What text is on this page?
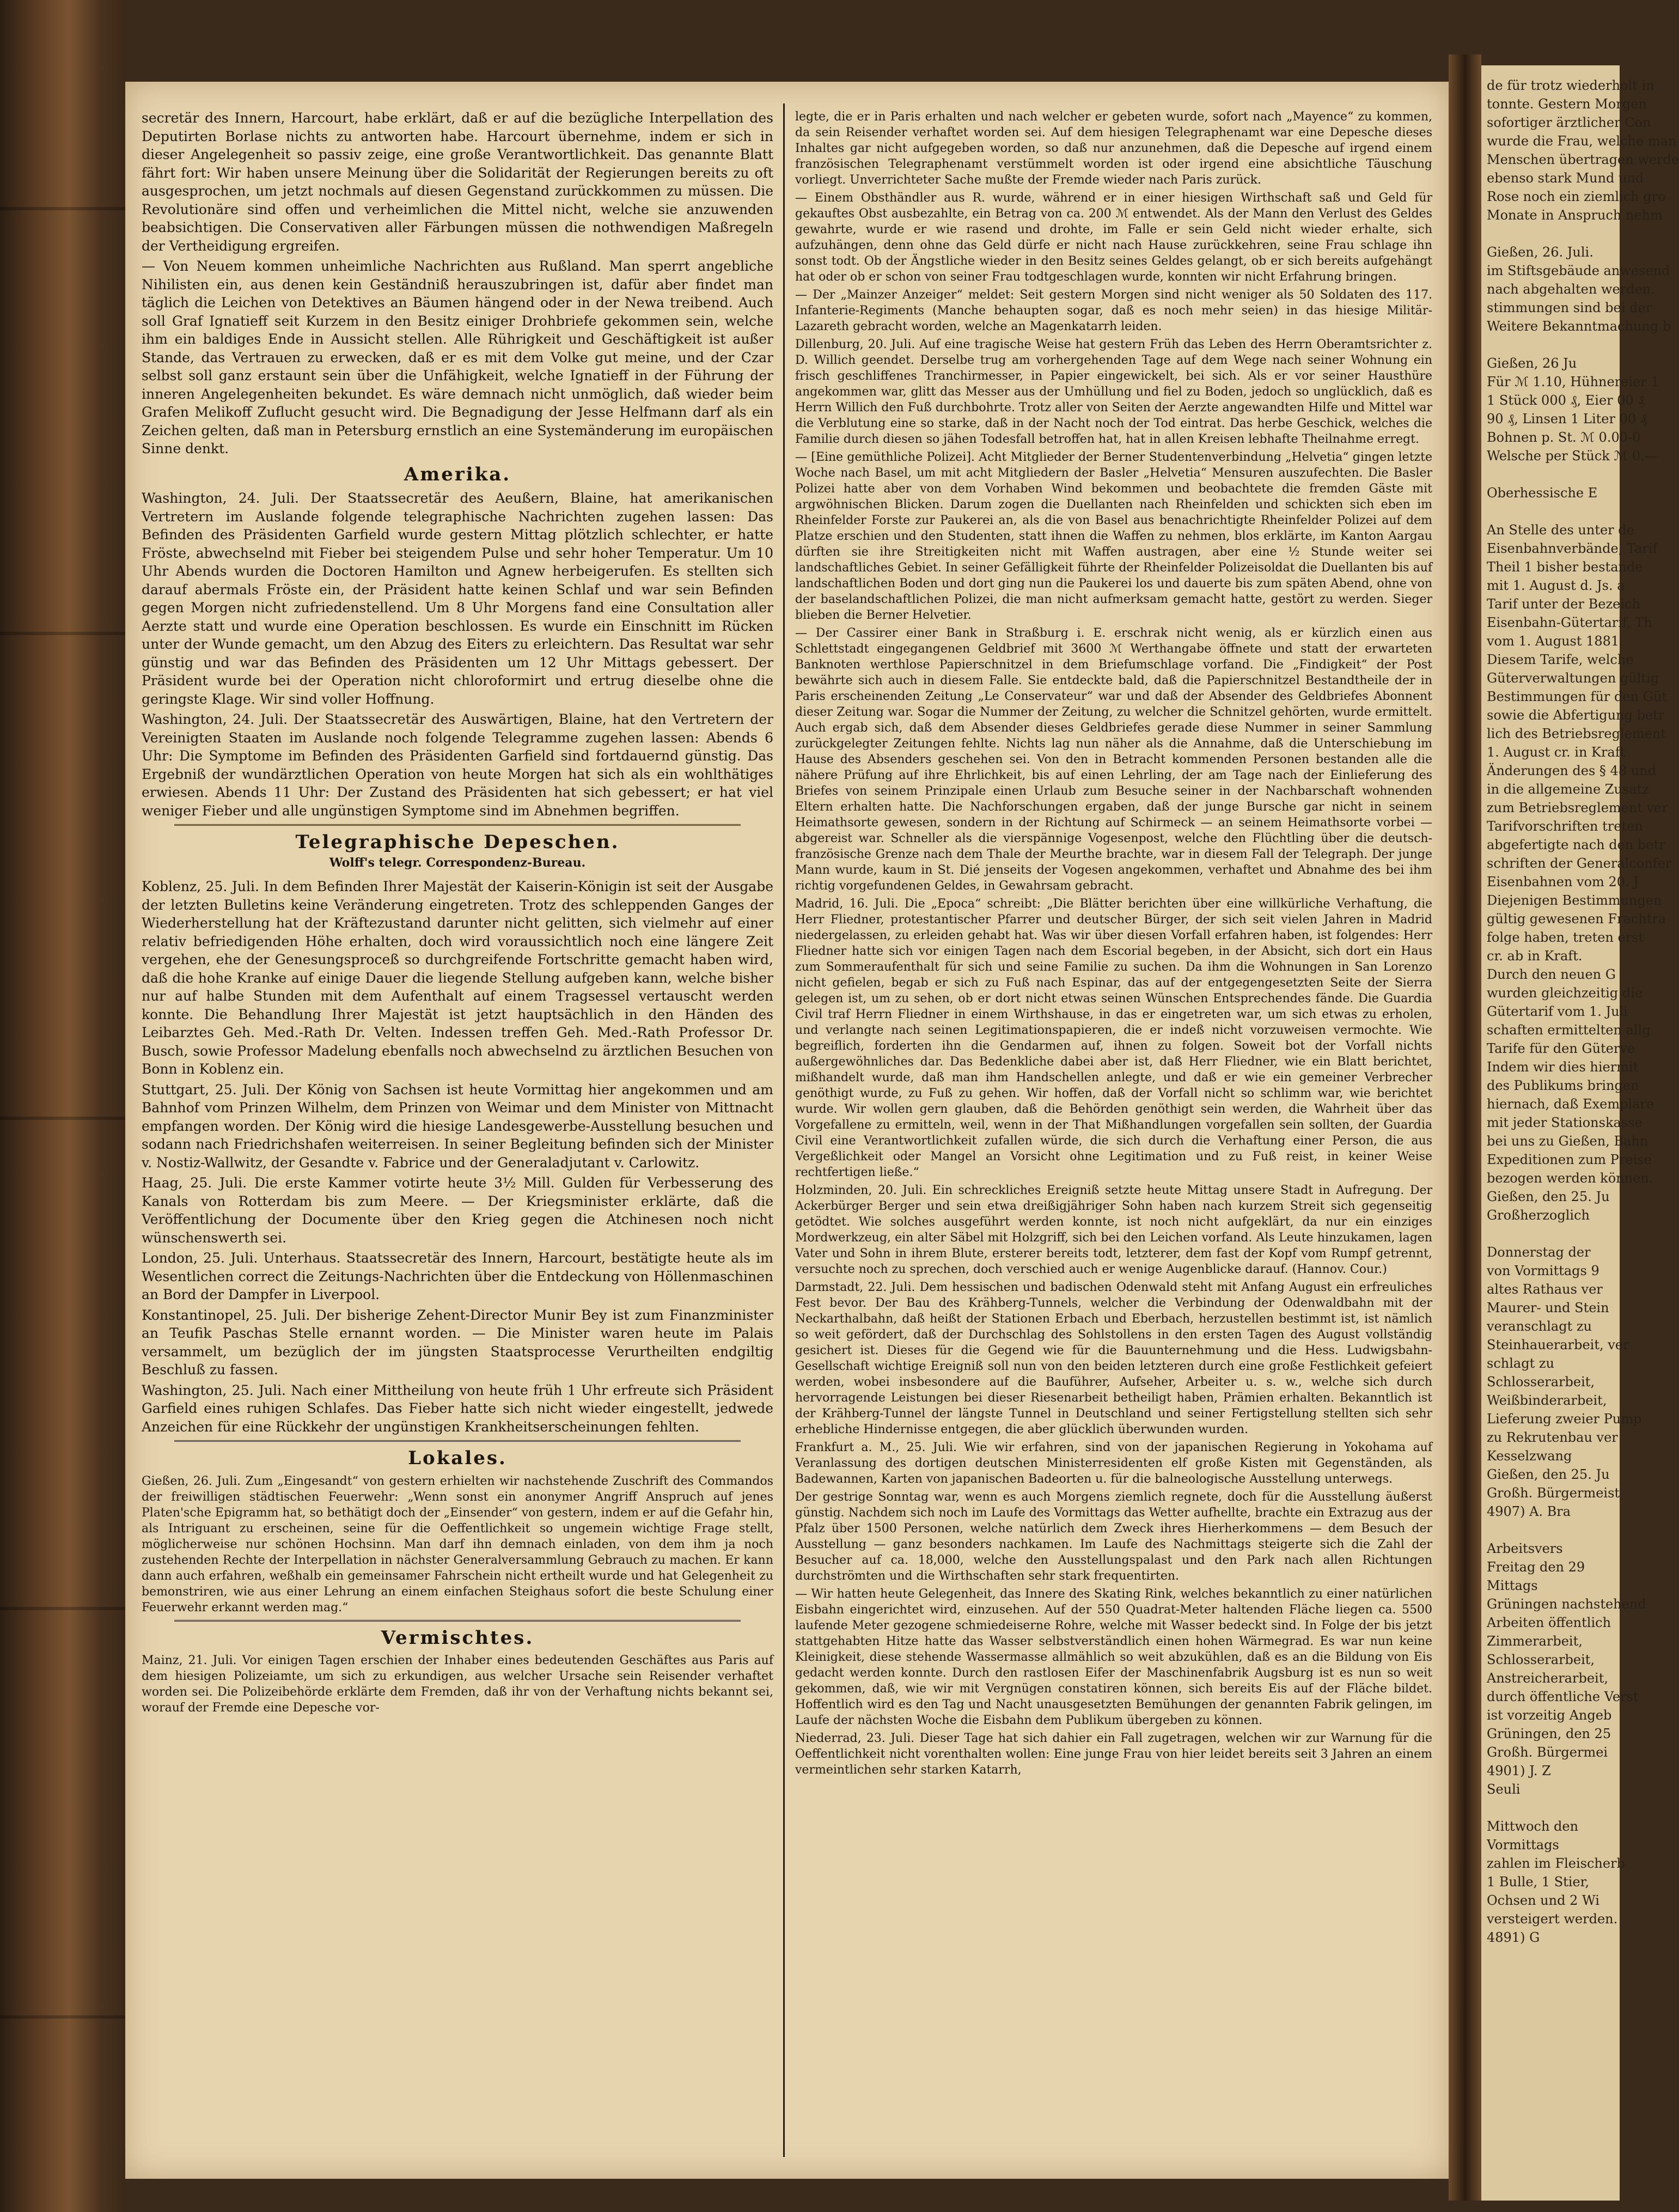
secretär des Innern, Harcourt, habe erklärt, daß er auf die bezügliche Interpellation des Deputirten Borlase nichts zu antworten habe. Harcourt übernehme, indem er sich in dieser Angelegenheit so passiv zeige, eine große Verantwortlichkeit. Das genannte Blatt fährt fort: Wir haben unsere Meinung über die Solidarität der Regierungen bereits zu oft ausgesprochen, um jetzt nochmals auf diesen Gegenstand zurückkommen zu müssen. Die Revolutionäre sind offen und verheimlichen die Mittel nicht, welche sie anzuwenden beabsichtigen. Die Conservativen aller Färbungen müssen die nothwendigen Maßregeln der Vertheidigung ergreifen.

— Von Neuem kommen unheimliche Nachrichten aus Rußland. Man sperrt angebliche Nihilisten ein, aus denen kein Geständniß herauszubringen ist, dafür aber findet man täglich die Leichen von Detektives an Bäumen hängend oder in der Newa treibend. Auch soll Graf Ignatieff seit Kurzem in den Besitz einiger Drohbriefe gekommen sein, welche ihm ein baldiges Ende in Aussicht stellen. Alle Rührigkeit und Geschäftigkeit ist außer Stande, das Vertrauen zu erwecken, daß er es mit dem Volke gut meine, und der Czar selbst soll ganz erstaunt sein über die Unfähigkeit, welche Ignatieff in der Führung der inneren Angelegenheiten bekundet. Es wäre demnach nicht unmöglich, daß wieder beim Grafen Melikoff Zuflucht gesucht wird. Die Begnadigung der Jesse Helfmann darf als ein Zeichen gelten, daß man in Petersburg ernstlich an eine Systemänderung im europäischen Sinne denkt.

Amerika.

Washington, 24. Juli. Der Staatssecretär des Aeußern, Blaine, hat amerikanischen Vertretern im Auslande folgende telegraphische Nachrichten zugehen lassen: Das Befinden des Präsidenten Garfield wurde gestern Mittag plötzlich schlechter, er hatte Fröste, abwechselnd mit Fieber bei steigendem Pulse und sehr hoher Temperatur. Um 10 Uhr Abends wurden die Doctoren Hamilton und Agnew herbeigerufen. Es stellten sich darauf abermals Fröste ein, der Präsident hatte keinen Schlaf und war sein Befinden gegen Morgen nicht zufriedenstellend. Um 8 Uhr Morgens fand eine Consultation aller Aerzte statt und wurde eine Operation beschlossen. Es wurde ein Einschnitt im Rücken unter der Wunde gemacht, um den Abzug des Eiters zu erleichtern. Das Resultat war sehr günstig und war das Befinden des Präsidenten um 12 Uhr Mittags gebessert. Der Präsident wurde bei der Operation nicht chloroformirt und ertrug dieselbe ohne die geringste Klage. Wir sind voller Hoffnung.

Washington, 24. Juli. Der Staatssecretär des Auswärtigen, Blaine, hat den Vertretern der Vereinigten Staaten im Auslande noch folgende Telegramme zugehen lassen: Abends 6 Uhr: Die Symptome im Befinden des Präsidenten Garfield sind fortdauernd günstig. Das Ergebniß der wundärztlichen Operation von heute Morgen hat sich als ein wohlthätiges erwiesen. Abends 11 Uhr: Der Zustand des Präsidenten hat sich gebessert; er hat viel weniger Fieber und alle ungünstigen Symptome sind im Abnehmen begriffen.

Telegraphische Depeschen.
Wolff's telegr. Correspondenz-Bureau.

Koblenz, 25. Juli. In dem Befinden Ihrer Majestät der Kaiserin-Königin ist seit der Ausgabe der letzten Bulletins keine Veränderung eingetreten. Trotz des schleppenden Ganges der Wiederherstellung hat der Kräftezustand darunter nicht gelitten, sich vielmehr auf einer relativ befriedigenden Höhe erhalten, doch wird voraussichtlich noch eine längere Zeit vergehen, ehe der Genesungsproceß so durchgreifende Fortschritte gemacht haben wird, daß die hohe Kranke auf einige Dauer die liegende Stellung aufgeben kann, welche bisher nur auf halbe Stunden mit dem Aufenthalt auf einem Tragsessel vertauscht werden konnte. Die Behandlung Ihrer Majestät ist jetzt hauptsächlich in den Händen des Leibarztes Geh. Med.-Rath Dr. Velten. Indessen treffen Geh. Med.-Rath Professor Dr. Busch, sowie Professor Madelung ebenfalls noch abwechselnd zu ärztlichen Besuchen von Bonn in Koblenz ein.

Stuttgart, 25. Juli. Der König von Sachsen ist heute Vormittag hier angekommen und am Bahnhof vom Prinzen Wilhelm, dem Prinzen von Weimar und dem Minister von Mittnacht empfangen worden. Der König wird die hiesige Landesgewerbe-Ausstellung besuchen und sodann nach Friedrichshafen weiterreisen. In seiner Begleitung befinden sich der Minister v. Nostiz-Wallwitz, der Gesandte v. Fabrice und der Generaladjutant v. Carlowitz.

Haag, 25. Juli. Die erste Kammer votirte heute 3½ Mill. Gulden für Verbesserung des Kanals von Rotterdam bis zum Meere. — Der Kriegsminister erklärte, daß die Veröffentlichung der Documente über den Krieg gegen die Atchinesen noch nicht wünschenswerth sei.

London, 25. Juli. Unterhaus. Staatssecretär des Innern, Harcourt, bestätigte heute als im Wesentlichen correct die Zeitungs-Nachrichten über die Entdeckung von Höllenmaschinen an Bord der Dampfer in Liverpool.

Konstantinopel, 25. Juli. Der bisherige Zehent-Director Munir Bey ist zum Finanzminister an Teufik Paschas Stelle ernannt worden. — Die Minister waren heute im Palais versammelt, um bezüglich der im jüngsten Staatsprocesse Verurtheilten endgiltig Beschluß zu fassen.

Washington, 25. Juli. Nach einer Mittheilung von heute früh 1 Uhr erfreute sich Präsident Garfield eines ruhigen Schlafes. Das Fieber hatte sich nicht wieder eingestellt, jedwede Anzeichen für eine Rückkehr der ungünstigen Krankheitserscheinungen fehlten.

Lokales.

Gießen, 26. Juli. Zum „Eingesandt“ von gestern erhielten wir nachstehende Zuschrift des Commandos der freiwilligen städtischen Feuerwehr: „Wenn sonst ein anonymer Angriff Anspruch auf jenes Platen'sche Epigramm hat, so bethätigt doch der „Einsender“ von gestern, indem er auf die Gefahr hin, als Intriguant zu erscheinen, seine für die Oeffentlichkeit so ungemein wichtige Frage stellt, möglicherweise nur schönen Hochsinn. Man darf ihn demnach einladen, von dem ihm ja noch zustehenden Rechte der Interpellation in nächster Generalversammlung Gebrauch zu machen. Er kann dann auch erfahren, weßhalb ein gemeinsamer Fahrschein nicht ertheilt wurde und hat Gelegenheit zu bemonstriren, wie aus einer Lehrung an einem einfachen Steighaus sofort die beste Schulung einer Feuerwehr erkannt werden mag.“

Vermischtes.

Mainz, 21. Juli. Vor einigen Tagen erschien der Inhaber eines bedeutenden Geschäftes aus Paris auf dem hiesigen Polizeiamte, um sich zu erkundigen, aus welcher Ursache sein Reisender verhaftet worden sei. Die Polizeibehörde erklärte dem Fremden, daß ihr von der Verhaftung nichts bekannt sei, worauf der Fremde eine Depesche vor-

legte, die er in Paris erhalten und nach welcher er gebeten wurde, sofort nach „Mayence“ zu kommen, da sein Reisender verhaftet worden sei. Auf dem hiesigen Telegraphenamt war eine Depesche dieses Inhaltes gar nicht aufgegeben worden, so daß nur anzunehmen, daß die Depesche auf irgend einem französischen Telegraphenamt verstümmelt worden ist oder irgend eine absichtliche Täuschung vorliegt. Unverrichteter Sache mußte der Fremde wieder nach Paris zurück.

— Einem Obsthändler aus R. wurde, während er in einer hiesigen Wirthschaft saß und Geld für gekauftes Obst ausbezahlte, ein Betrag von ca. 200 ℳ entwendet. Als der Mann den Verlust des Geldes gewahrte, wurde er wie rasend und drohte, im Falle er sein Geld nicht wieder erhalte, sich aufzuhängen, denn ohne das Geld dürfe er nicht nach Hause zurückkehren, seine Frau schlage ihn sonst todt. Ob der Ängstliche wieder in den Besitz seines Geldes gelangt, ob er sich bereits aufgehängt hat oder ob er schon von seiner Frau todtgeschlagen wurde, konnten wir nicht Erfahrung bringen.

— Der „Mainzer Anzeiger“ meldet: Seit gestern Morgen sind nicht weniger als 50 Soldaten des 117. Infanterie-Regiments (Manche behaupten sogar, daß es noch mehr seien) in das hiesige Militär-Lazareth gebracht worden, welche an Magenkatarrh leiden.

Dillenburg, 20. Juli. Auf eine tragische Weise hat gestern Früh das Leben des Herrn Oberamtsrichter z. D. Willich geendet. Derselbe trug am vorhergehenden Tage auf dem Wege nach seiner Wohnung ein frisch geschliffenes Tranchirmesser, in Papier eingewickelt, bei sich. Als er vor seiner Hausthüre angekommen war, glitt das Messer aus der Umhüllung und fiel zu Boden, jedoch so unglücklich, daß es Herrn Willich den Fuß durchbohrte. Trotz aller von Seiten der Aerzte angewandten Hilfe und Mittel war die Verblutung eine so starke, daß in der Nacht noch der Tod eintrat. Das herbe Geschick, welches die Familie durch diesen so jähen Todesfall betroffen hat, hat in allen Kreisen lebhafte Theilnahme erregt.

— [Eine gemüthliche Polizei]. Acht Mitglieder der Berner Studentenverbindung „Helvetia“ gingen letzte Woche nach Basel, um mit acht Mitgliedern der Basler „Helvetia“ Mensuren auszufechten. Die Basler Polizei hatte aber von dem Vorhaben Wind bekommen und beobachtete die fremden Gäste mit argwöhnischen Blicken. Darum zogen die Duellanten nach Rheinfelden und schickten sich eben im Rheinfelder Forste zur Paukerei an, als die von Basel aus benachrichtigte Rheinfelder Polizei auf dem Platze erschien und den Studenten, statt ihnen die Waffen zu nehmen, blos erklärte, im Kanton Aargau dürften sie ihre Streitigkeiten nicht mit Waffen austragen, aber eine ½ Stunde weiter sei landschaftliches Gebiet. In seiner Gefälligkeit führte der Rheinfelder Polizeisoldat die Duellanten bis auf landschaftlichen Boden und dort ging nun die Paukerei los und dauerte bis zum späten Abend, ohne von der baselandschaftlichen Polizei, die man nicht aufmerksam gemacht hatte, gestört zu werden. Sieger blieben die Berner Helvetier.

— Der Cassirer einer Bank in Straßburg i. E. erschrak nicht wenig, als er kürzlich einen aus Schlettstadt eingegangenen Geldbrief mit 3600 ℳ Werthangabe öffnete und statt der erwarteten Banknoten werthlose Papierschnitzel in dem Briefumschlage vorfand. Die „Findigkeit“ der Post bewährte sich auch in diesem Falle. Sie entdeckte bald, daß die Papierschnitzel Bestandtheile der in Paris erscheinenden Zeitung „Le Conservateur“ war und daß der Absender des Geldbriefes Abonnent dieser Zeitung war. Sogar die Nummer der Zeitung, zu welcher die Schnitzel gehörten, wurde ermittelt. Auch ergab sich, daß dem Absender dieses Geldbriefes gerade diese Nummer in seiner Sammlung zurückgelegter Zeitungen fehlte. Nichts lag nun näher als die Annahme, daß die Unterschiebung im Hause des Absenders geschehen sei. Von den in Betracht kommenden Personen bestanden alle die nähere Prüfung auf ihre Ehrlichkeit, bis auf einen Lehrling, der am Tage nach der Einlieferung des Briefes von seinem Prinzipale einen Urlaub zum Besuche seiner in der Nachbarschaft wohnenden Eltern erhalten hatte. Die Nachforschungen ergaben, daß der junge Bursche gar nicht in seinem Heimathsorte gewesen, sondern in der Richtung auf Schirmeck — an seinem Heimathsorte vorbei — abgereist war. Schneller als die vierspännige Vogesenpost, welche den Flüchtling über die deutsch-französische Grenze nach dem Thale der Meurthe brachte, war in diesem Fall der Telegraph. Der junge Mann wurde, kaum in St. Dié jenseits der Vogesen angekommen, verhaftet und Abnahme des bei ihm richtig vorgefundenen Geldes, in Gewahrsam gebracht.

Madrid, 16. Juli. Die „Epoca“ schreibt: „Die Blätter berichten über eine willkürliche Verhaftung, die Herr Fliedner, protestantischer Pfarrer und deutscher Bürger, der sich seit vielen Jahren in Madrid niedergelassen, zu erleiden gehabt hat. Was wir über diesen Vorfall erfahren haben, ist folgendes: Herr Fliedner hatte sich vor einigen Tagen nach dem Escorial begeben, in der Absicht, sich dort ein Haus zum Sommeraufenthalt für sich und seine Familie zu suchen. Da ihm die Wohnungen in San Lorenzo nicht gefielen, begab er sich zu Fuß nach Espinar, das auf der entgegengesetzten Seite der Sierra gelegen ist, um zu sehen, ob er dort nicht etwas seinen Wünschen Entsprechendes fände. Die Guardia Civil traf Herrn Fliedner in einem Wirthshause, in das er eingetreten war, um sich etwas zu erholen, und verlangte nach seinen Legitimationspapieren, die er indeß nicht vorzuweisen vermochte. Wie begreiflich, forderten ihn die Gendarmen auf, ihnen zu folgen. Soweit bot der Vorfall nichts außergewöhnliches dar. Das Bedenkliche dabei aber ist, daß Herr Fliedner, wie ein Blatt berichtet, mißhandelt wurde, daß man ihm Handschellen anlegte, und daß er wie ein gemeiner Verbrecher genöthigt wurde, zu Fuß zu gehen. Wir hoffen, daß der Vorfall nicht so schlimm war, wie berichtet wurde. Wir wollen gern glauben, daß die Behörden genöthigt sein werden, die Wahrheit über das Vorgefallene zu ermitteln, weil, wenn in der That Mißhandlungen vorgefallen sein sollten, der Guardia Civil eine Verantwortlichkeit zufallen würde, die sich durch die Verhaftung einer Person, die aus Vergeßlichkeit oder Mangel an Vorsicht ohne Legitimation und zu Fuß reist, in keiner Weise rechtfertigen ließe.“

Holzminden, 20. Juli. Ein schreckliches Ereigniß setzte heute Mittag unsere Stadt in Aufregung. Der Ackerbürger Berger und sein etwa dreißigjähriger Sohn haben nach kurzem Streit sich gegenseitig getödtet. Wie solches ausgeführt werden konnte, ist noch nicht aufgeklärt, da nur ein einziges Mordwerkzeug, ein alter Säbel mit Holzgriff, sich bei den Leichen vorfand. Als Leute hinzukamen, lagen Vater und Sohn in ihrem Blute, ersterer bereits todt, letzterer, dem fast der Kopf vom Rumpf getrennt, versuchte noch zu sprechen, doch verschied auch er wenige Augenblicke darauf. (Hannov. Cour.)

Darmstadt, 22. Juli. Dem hessischen und badischen Odenwald steht mit Anfang August ein erfreuliches Fest bevor. Der Bau des Krähberg-Tunnels, welcher die Verbindung der Odenwaldbahn mit der Neckarthalbahn, daß heißt der Stationen Erbach und Eberbach, herzustellen bestimmt ist, ist nämlich so weit gefördert, daß der Durchschlag des Sohlstollens in den ersten Tagen des August vollständig gesichert ist. Dieses für die Gegend wie für die Bauunternehmung und die Hess. Ludwigsbahn-Gesellschaft wichtige Ereigniß soll nun von den beiden letzteren durch eine große Festlichkeit gefeiert werden, wobei insbesondere auf die Bauführer, Aufseher, Arbeiter u. s. w., welche sich durch hervorragende Leistungen bei dieser Riesenarbeit betheiligt haben, Prämien erhalten. Bekanntlich ist der Krähberg-Tunnel der längste Tunnel in Deutschland und seiner Fertigstellung stellten sich sehr erhebliche Hindernisse entgegen, die aber glücklich überwunden wurden.

Frankfurt a. M., 25. Juli. Wie wir erfahren, sind von der japanischen Regierung in Yokohama auf Veranlassung des dortigen deutschen Ministerresidenten elf große Kisten mit Gegenständen, als Badewannen, Karten von japanischen Badeorten u. für die balneologische Ausstellung unterwegs.

Der gestrige Sonntag war, wenn es auch Morgens ziemlich regnete, doch für die Ausstellung äußerst günstig. Nachdem sich noch im Laufe des Vormittags das Wetter aufhellte, brachte ein Extrazug aus der Pfalz über 1500 Personen, welche natürlich dem Zweck ihres Hierherkommens — dem Besuch der Ausstellung — ganz besonders nachkamen. Im Laufe des Nachmittags steigerte sich die Zahl der Besucher auf ca. 18,000, welche den Ausstellungspalast und den Park nach allen Richtungen durchströmten und die Wirthschaften sehr stark frequentirten.

— Wir hatten heute Gelegenheit, das Innere des Skating Rink, welches bekanntlich zu einer natürlichen Eisbahn eingerichtet wird, einzusehen. Auf der 550 Quadrat-Meter haltenden Fläche liegen ca. 5500 laufende Meter gezogene schmiedeiserne Rohre, welche mit Wasser bedeckt sind. In Folge der bis jetzt stattgehabten Hitze hatte das Wasser selbstverständlich einen hohen Wärmegrad. Es war nun keine Kleinigkeit, diese stehende Wassermasse allmählich so weit abzukühlen, daß es an die Bildung von Eis gedacht werden konnte. Durch den rastlosen Eifer der Maschinenfabrik Augsburg ist es nun so weit gekommen, daß, wie wir mit Vergnügen constatiren können, sich bereits Eis auf der Fläche bildet. Hoffentlich wird es den Tag und Nacht unausgesetzten Bemühungen der genannten Fabrik gelingen, im Laufe der nächsten Woche die Eisbahn dem Publikum übergeben zu können.

Niederrad, 23. Juli. Dieser Tage hat sich dahier ein Fall zugetragen, welchen wir zur Warnung für die Oeffentlichkeit nicht vorenthalten wollen: Eine junge Frau von hier leidet bereits seit 3 Jahren an einem vermeintlichen sehr starken Katarrh,

de für trotz wiederholt in
tonnte. Gestern Morgen
sofortiger ärztlicher Con
wurde die Frau, welche man
Menschen übertragen werde
ebenso stark Mund und
Rose noch ein ziemlich gro
Monate in Anspruch nehm

Gießen, 26. Juli.
im Stiftsgebäude anwesend
nach abgehalten werden.
stimmungen sind bei der
Weitere Bekanntmachung b

Gießen, 26 Ju
Für ℳ 1.10, Hühnereier 1
1 Stück 000 ₰, Eier 00 ₰
90 ₰, Linsen 1 Liter 00 ₰
Bohnen p. St. ℳ 0.00-0
Welsche per Stück ℳ 0.—

Oberhessische E

An Stelle des unter de
Eisenbahnverbände, Tarif
Theil 1 bisher bestande
mit 1. August d. Js. a
Tarif unter der Bezeich
Eisenbahn-Gütertarif, Th
vom 1. August 1881
Diesem Tarife, welche
Güterverwaltungen gültig
Bestimmungen für den Güt
sowie die Abfertigung betr
lich des Betriebsreglement
1. August cr. in Kraft
Änderungen des § 48 und
in die allgemeine Zusatz
zum Betriebsreglement ver
Tarifvorschriften treten
abgefertigte nach den betr
schriften der Generalconfer
Eisenbahnen vom 20. J
Diejenigen Bestimmungen
gültig gewesenen Frachtra
folge haben, treten erst
cr. ab in Kraft.
Durch den neuen G
wurden gleichzeitig die
Gütertarif vom 1. Juli
schaften ermittelten allg
Tarife für den Güterve
Indem wir dies hiermit
des Publikums bringen
hiernach, daß Exemplare
mit jeder Stationskasse
bei uns zu Gießen, Bahn
Expeditionen zum Preise
bezogen werden können.
Gießen, den 25. Ju
Großherzoglich

Donnerstag der
von Vormittags 9
altes Rathaus ver
Maurer- und Stein
veranschlagt zu
Steinhauerarbeit, ver
schlagt zu
Schlosserarbeit,
Weißbinderarbeit,
Lieferung zweier Pump
zu Rekrutenbau ver
Kesselzwang
Gießen, den 25. Ju
Großh. Bürgermeist
4907) A. Bra

Arbeitsvers
Freitag den 29
Mittags
Grüningen nachstehend
Arbeiten öffentlich
Zimmerarbeit,
Schlosserarbeit,
Anstreicherarbeit,
durch öffentliche Verst
ist vorzeitig Angeb
Grüningen, den 25
Großh. Bürgermei
4901) J. Z
Seuli

Mittwoch den
Vormittags
zahlen im Fleischerb
1 Bulle, 1 Stier,
Ochsen und 2 Wi
versteigert werden.
4891) G
